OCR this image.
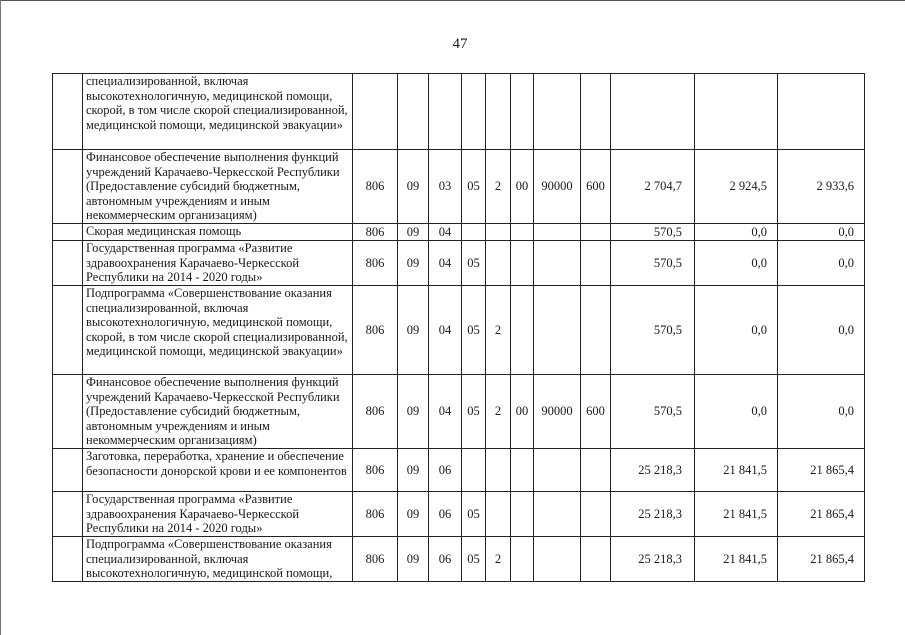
47
	специализированной, включая высокотехнологичную, медицинской помощи, скорой, в том числе скорой специализированной, медицинской помощи, медицинской эвакуации»											
	Финансовое обеспечение выполнения функций учреждений Карачаево-Черкесской Республики (Предоставление субсидий бюджетным, автономным учреждениям и иным некоммерческим организациям)	806	09	03	05	2	00	90000	600	2 704,7	2 924,5	2 933,6
	Скорая медицинская помощь	806	09	04						570,5	0,0	0,0
	Государственная программа «Развитие здравоохранения Карачаево-Черкесской Республики на 2014 - 2020 годы»	806	09	04	05					570,5	0,0	0,0
	Подпрограмма «Совершенствование оказания специализированной, включая высокотехнологичную, медицинской помощи, скорой, в том числе скорой специализированной, медицинской помощи, медицинской эвакуации»	806	09	04	05	2				570,5	0,0	0,0
	Финансовое обеспечение выполнения функций учреждений Карачаево-Черкесской Республики (Предоставление субсидий бюджетным, автономным учреждениям и иным некоммерческим организациям)	806	09	04	05	2	00	90000	600	570,5	0,0	0,0
	Заготовка, переработка, хранение и обеспечение безопасности донорской крови и ее компонентов	806	09	06						25 218,3	21 841,5	21 865,4
	Государственная программа «Развитие здравоохранения Карачаево-Черкесской Республики на 2014 - 2020 годы»	806	09	06	05					25 218,3	21 841,5	21 865,4
	Подпрограмма «Совершенствование оказания специализированной, включая высокотехнологичную, медицинской помощи,	806	09	06	05	2				25 218,3	21 841,5	21 865,4
